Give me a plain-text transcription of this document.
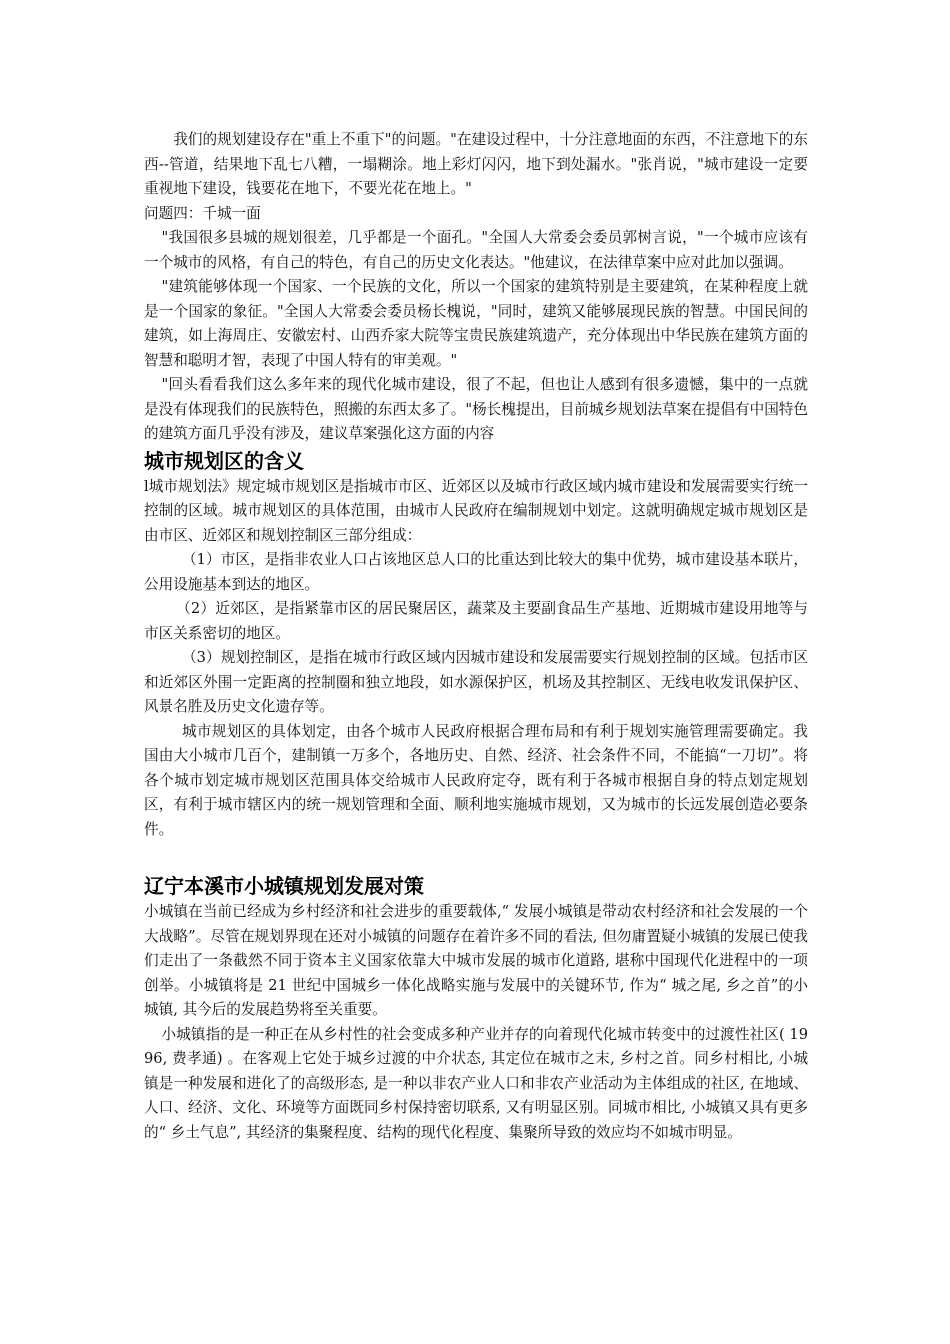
我们的规划建设存在"重上不重下"的问题。"在建设过程中，十分注意地面的东西，不注意地下的东西--管道，结果地下乱七八糟，一塌糊涂。地上彩灯闪闪，地下到处漏水。"张肖说，"城市建设一定要重视地下建设，钱要花在地下，不要光花在地上。"

问题四：千城一面

"我国很多县城的规划很差，几乎都是一个面孔。"全国人大常委会委员郭树言说，"一个城市应该有一个城市的风格，有自己的特色，有自己的历史文化表达。"他建议，在法律草案中应对此加以强调。

"建筑能够体现一个国家、一个民族的文化，所以一个国家的建筑特别是主要建筑，在某种程度上就是一个国家的象征。"全国人大常委会委员杨长槐说，"同时，建筑又能够展现民族的智慧。中国民间的建筑，如上海周庄、安徽宏村、山西乔家大院等宝贵民族建筑遗产，充分体现出中华民族在建筑方面的智慧和聪明才智，表现了中国人特有的审美观。"

"回头看看我们这么多年来的现代化城市建设，很了不起，但也让人感到有很多遗憾，集中的一点就是没有体现我们的民族特色，照搬的东西太多了。"杨长槐提出，目前城乡规划法草案在提倡有中国特色的建筑方面几乎没有涉及，建议草案强化这方面的内容

城市规划区的含义

l城市规划法》规定城市规划区是指城市市区、近郊区以及城市行政区域内城市建设和发展需要实行统一控制的区域。城市规划区的具体范围，由城市人民政府在编制规划中划定。这就明确规定城市规划区是由市区、近郊区和规划控制区三部分组成：

（1）市区，是指非农业人口占该地区总人口的比重达到比较大的集中优势，城市建设基本联片，公用设施基本到达的地区。

（2）近郊区，是指紧靠市区的居民聚居区，蔬菜及主要副食品生产基地、近期城市建设用地等与市区关系密切的地区。

（3）规划控制区，是指在城市行政区域内因城市建设和发展需要实行规划控制的区域。包括市区和近郊区外围一定距离的控制圈和独立地段，如水源保护区，机场及其控制区、无线电收发讯保护区、风景名胜及历史文化遗存等。

城市规划区的具体划定，由各个城市人民政府根据合理布局和有利于规划实施管理需要确定。我国由大小城市几百个，建制镇一万多个，各地历史、自然、经济、社会条件不同，不能搞“一刀切”。将各个城市划定城市规划区范围具体交给城市人民政府定夺，既有利于各城市根据自身的特点划定规划区，有利于城市辖区内的统一规划管理和全面、顺利地实施城市规划，又为城市的长远发展创造必要条件。

辽宁本溪市小城镇规划发展对策

小城镇在当前已经成为乡村经济和社会进步的重要载体,“ 发展小城镇是带动农村经济和社会发展的一个大战略”。尽管在规划界现在还对小城镇的问题存在着许多不同的看法, 但勿庸置疑小城镇的发展已使我们走出了一条截然不同于资本主义国家依靠大中城市发展的城市化道路, 堪称中国现代化进程中的一项创举。小城镇将是 21 世纪中国城乡一体化战略实施与发展中的关键环节, 作为“ 城之尾, 乡之首”的小城镇, 其今后的发展趋势将至关重要。

小城镇指的是一种正在从乡村性的社会变成多种产业并存的向着现代化城市转变中的过渡性社区( 1996, 费孝通) 。在客观上它处于城乡过渡的中介状态, 其定位在城市之末, 乡村之首。同乡村相比, 小城镇是一种发展和进化了的高级形态, 是一种以非农产业人口和非农产业活动为主体组成的社区, 在地域、人口、经济、文化、环境等方面既同乡村保持密切联系, 又有明显区别。同城市相比, 小城镇又具有更多的“ 乡土气息”, 其经济的集聚程度、结构的现代化程度、集聚所导致的效应均不如城市明显。
